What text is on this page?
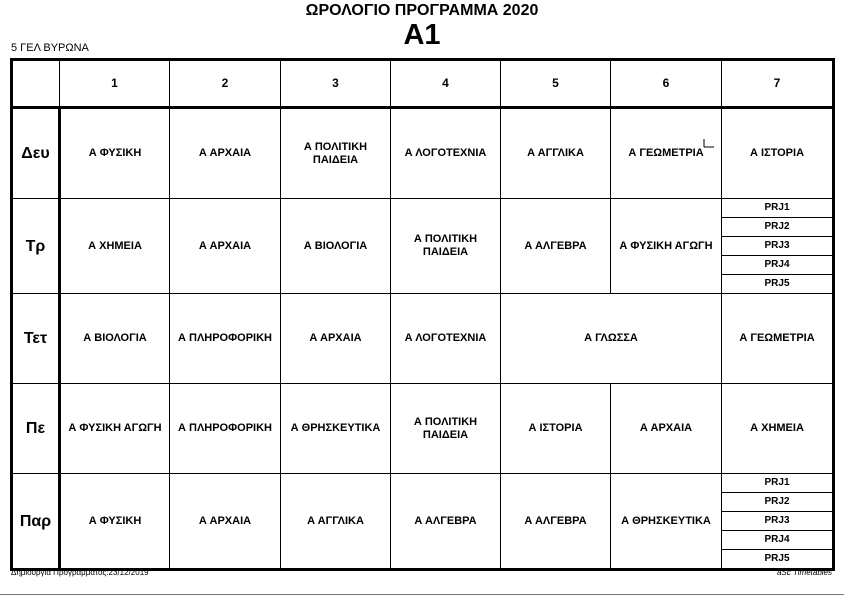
ΩΡΟΛΟΓΙΟ ΠΡΟΓΡΑΜΜΑ 2020
A1
5 ΓΕΛ ΒΥΡΩΝΑ
	1	2	3	4	5	6	7
Δευ	Α ΦΥΣΙΚΗ	Α ΑΡΧΑΙΑ	Α ΠΟΛΙΤΙΚΗ ΠΑΙΔΕΙΑ	Α ΛΟΓΟΤΕΧΝΙΑ	Α ΑΓΓΛΙΚΑ	Α ΓΕΩΜΕΤΡΙΑ	Α ΙΣΤΟΡΙΑ
Τρ	Α ΧΗΜΕΙΑ	Α ΑΡΧΑΙΑ	Α ΒΙΟΛΟΓΙΑ	Α ΠΟΛΙΤΙΚΗ ΠΑΙΔΕΙΑ	Α ΑΛΓΕΒΡΑ	Α ΦΥΣΙΚΗ ΑΓΩΓΗ	PRJ1
PRJ2
PRJ3
PRJ4
PRJ5

Τετ	Α ΒΙΟΛΟΓΙΑ	Α ΠΛΗΡΟΦΟΡΙΚΗ	Α ΑΡΧΑΙΑ	Α ΛΟΓΟΤΕΧΝΙΑ	Α ΓΛΩΣΣΑ		Α ΓΕΩΜΕΤΡΙΑ
Πε	Α ΦΥΣΙΚΗ ΑΓΩΓΗ	Α ΠΛΗΡΟΦΟΡΙΚΗ	Α ΘΡΗΣΚΕΥΤΙΚΑ	Α ΠΟΛΙΤΙΚΗ ΠΑΙΔΕΙΑ	Α ΙΣΤΟΡΙΑ	Α ΑΡΧΑΙΑ	Α ΧΗΜΕΙΑ
Παρ	Α ΦΥΣΙΚΗ	Α ΑΡΧΑΙΑ	Α ΑΓΓΛΙΚΑ	Α ΑΛΓΕΒΡΑ	Α ΑΛΓΕΒΡΑ	Α ΘΡΗΣΚΕΥΤΙΚΑ	PRJ1
PRJ2
PRJ3
PRJ4
PRJ5
Δημιουργία Προγράμματος:23/12/2019	aSc Timetables
